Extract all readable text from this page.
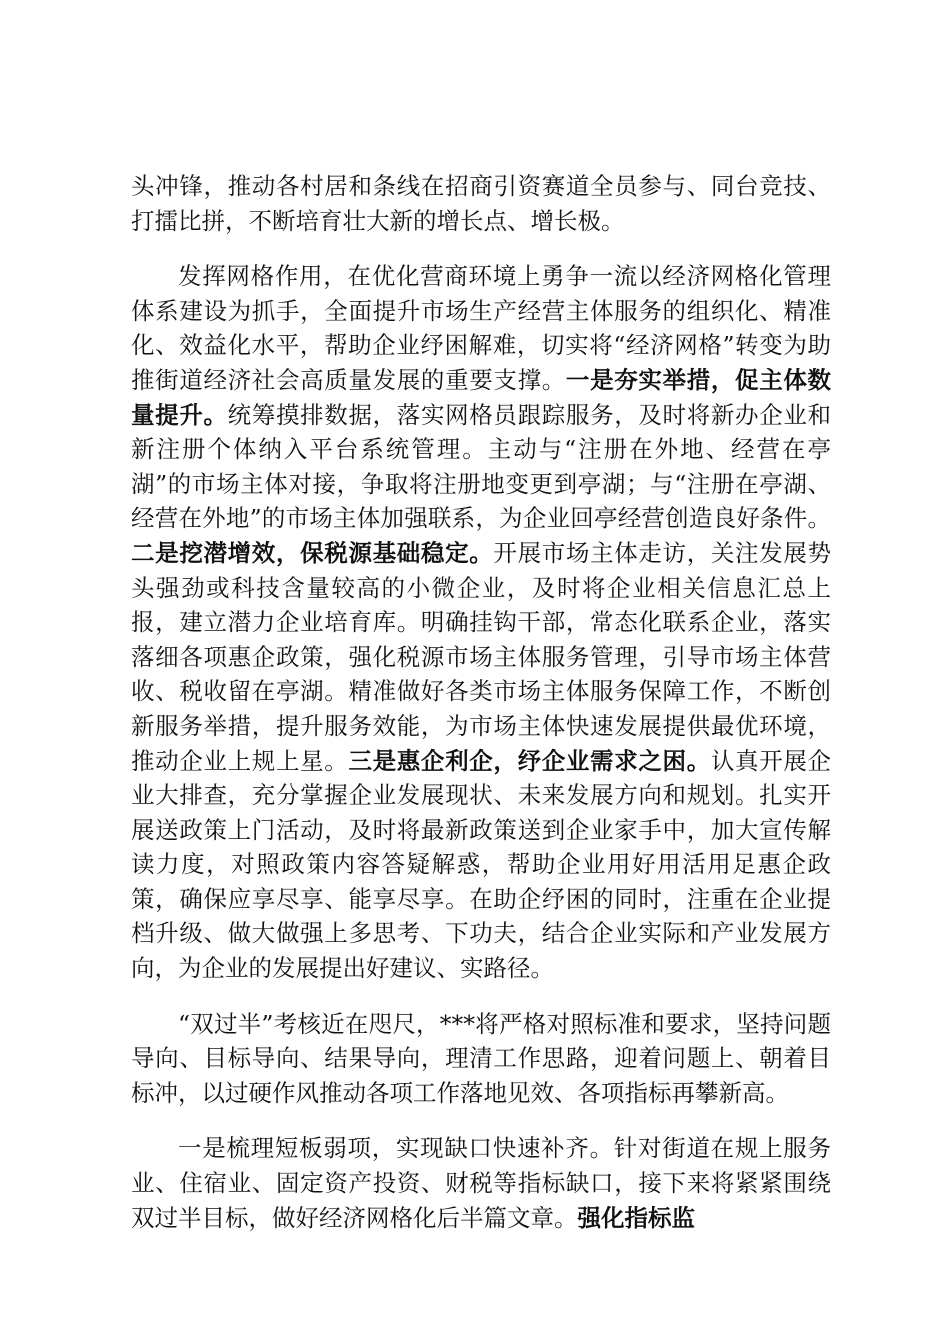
头冲锋，推动各村居和条线在招商引资赛道全员参与、同台竞技、打擂比拼，不断培育壮大新的增长点、增长极。

发挥网格作用，在优化营商环境上勇争一流以经济网格化管理体系建设为抓手，全面提升市场生产经营主体服务的组织化、精准化、效益化水平，帮助企业纾困解难，切实将“经济网格”转变为助推街道经济社会高质量发展的重要支撑。一是夯实举措，促主体数量提升。统筹摸排数据，落实网格员跟踪服务，及时将新办企业和新注册个体纳入平台系统管理。主动与“注册在外地、经营在亭湖”的市场主体对接，争取将注册地变更到亭湖；与“注册在亭湖、经营在外地”的市场主体加强联系，为企业回亭经营创造良好条件。二是挖潜增效，保税源基础稳定。开展市场主体走访，关注发展势头强劲或科技含量较高的小微企业，及时将企业相关信息汇总上报，建立潜力企业培育库。明确挂钩干部，常态化联系企业，落实落细各项惠企政策，强化税源市场主体服务管理，引导市场主体营收、税收留在亭湖。精准做好各类市场主体服务保障工作，不断创新服务举措，提升服务效能，为市场主体快速发展提供最优环境，推动企业上规上星。三是惠企利企，纾企业需求之困。认真开展企业大排查，充分掌握企业发展现状、未来发展方向和规划。扎实开展送政策上门活动，及时将最新政策送到企业家手中，加大宣传解读力度，对照政策内容答疑解惑，帮助企业用好用活用足惠企政策，确保应享尽享、能享尽享。在助企纾困的同时，注重在企业提档升级、做大做强上多思考、下功夫，结合企业实际和产业发展方向，为企业的发展提出好建议、实路径。

“双过半”考核近在咫尺，***将严格对照标准和要求，坚持问题导向、目标导向、结果导向，理清工作思路，迎着问题上、朝着目标冲，以过硬作风推动各项工作落地见效、各项指标再攀新高。

一是梳理短板弱项，实现缺口快速补齐。针对街道在规上服务业、住宿业、固定资产投资、财税等指标缺口，接下来将紧紧围绕双过半目标，做好经济网格化后半篇文章。强化指标监
